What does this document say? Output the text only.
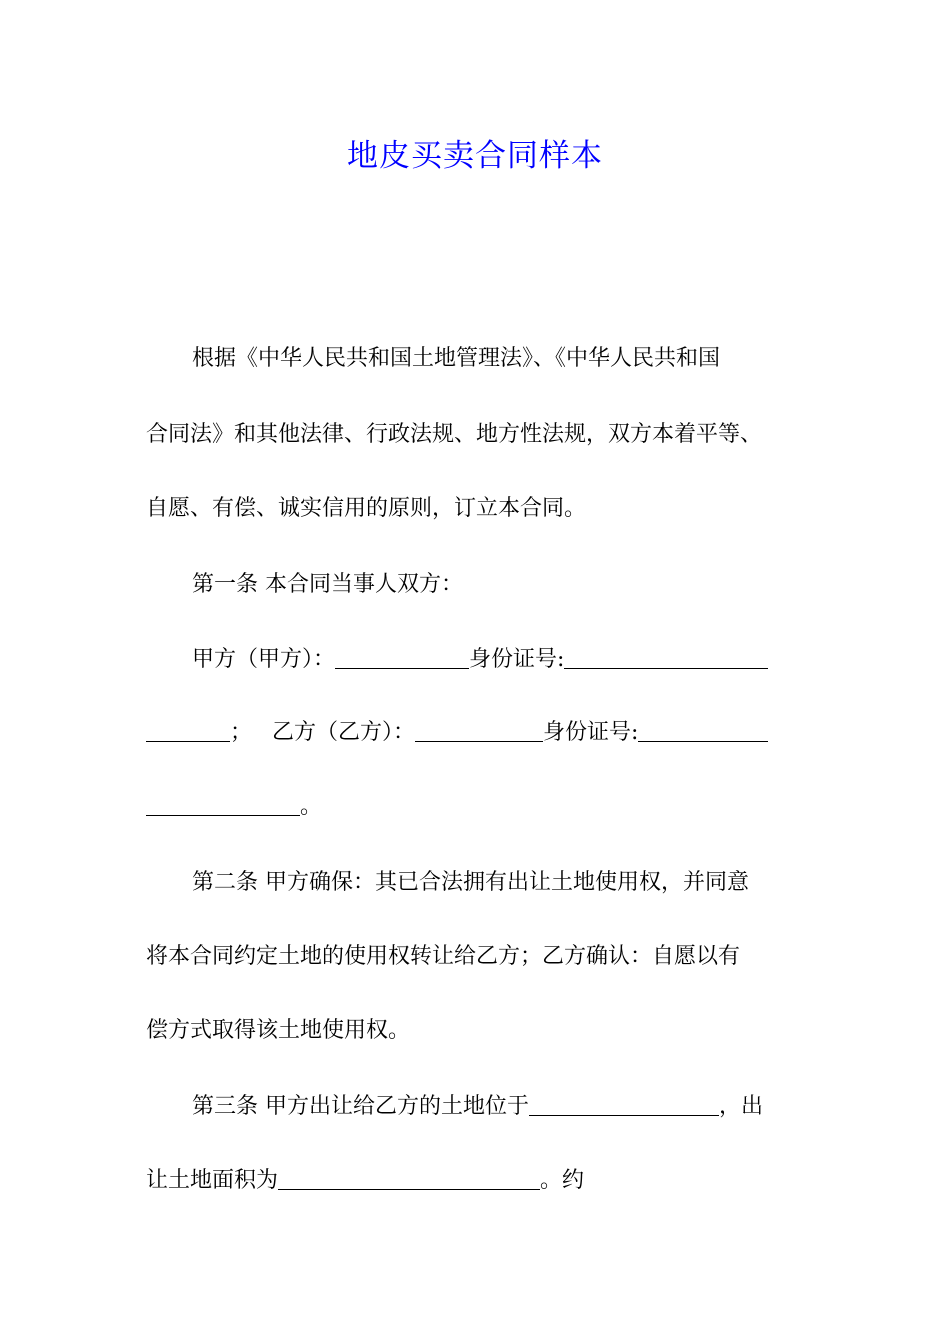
地皮买卖合同样本
根据《中华人民共和国土地管理法》、《中华人民共和国
合同法》和其他法律、行政法规、地方性法规，双方本着平等、
自愿、有偿、诚实信用的原则，订立本合同。
第一条 本合同当事人双方：
甲方（甲方）：	身份证号:
； 乙方（乙方）：	身份证号:
。
第二条 甲方确保：其已合法拥有出让土地使用权，并同意
将本合同约定土地的使用权转让给乙方；乙方确认：自愿以有
偿方式取得该土地使用权。
第三条 甲方出让给乙方的土地位于	，出
让土地面积为	。约
